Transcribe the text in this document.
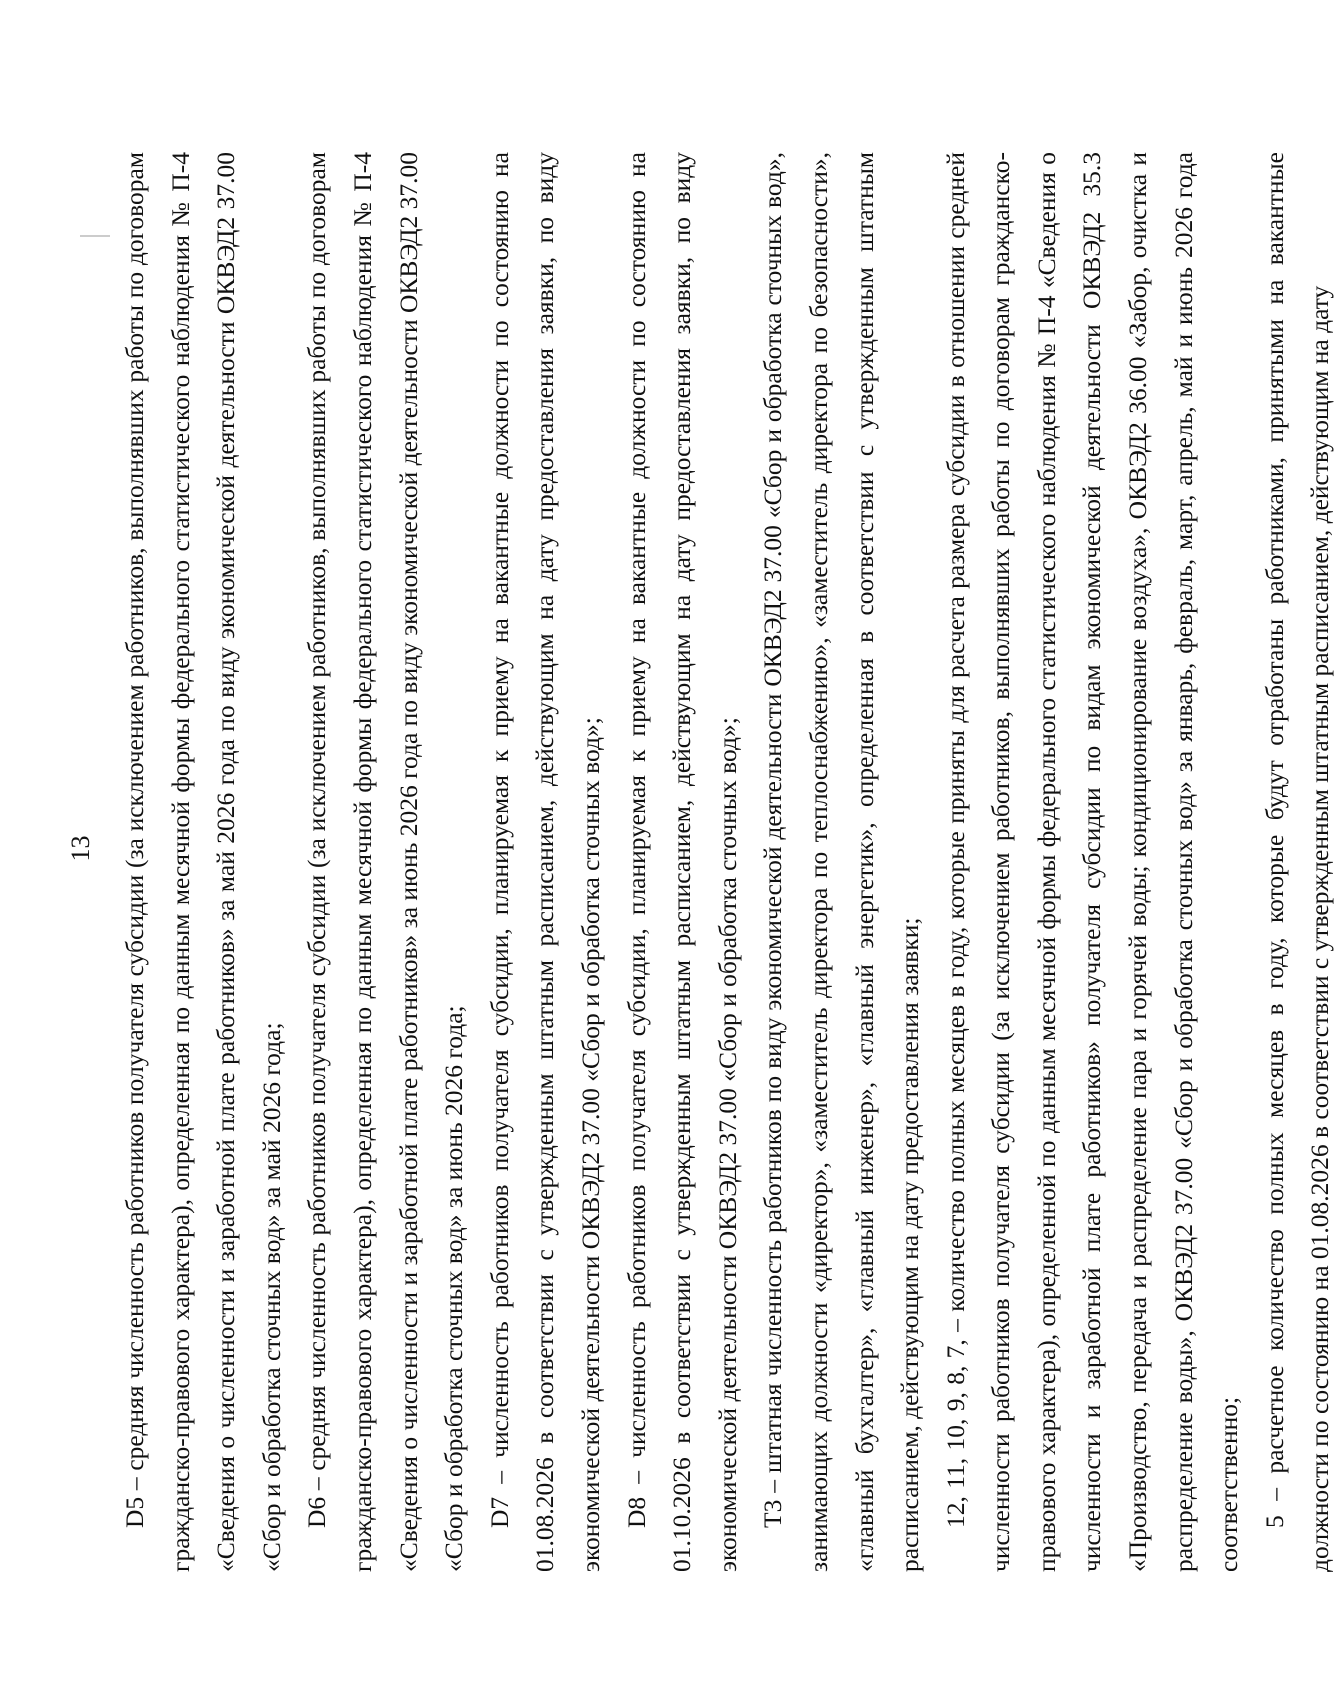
13 D5 – средняя численность работников получателя субсидии (за исключением работников, выполнявших работы по договорам гражданско-правового характера), определенная по данным месячной формы федерального статистического наблюдения № П-4 «Сведения о численности и заработной плате работников» за май 2026 года по виду экономической деятельности ОКВЭД2 37.00 «Сбор и обработка сточных вод» за май 2026 года; D6 – средняя численность работников получателя субсидии (за исключением работников, выполнявших работы по договорам гражданско-правового характера), определенная по данным месячной формы федерального статистического наблюдения № П-4 «Сведения о численности и заработной плате работников» за июнь 2026 года по виду экономической деятельности ОКВЭД2 37.00 «Сбор и обработка сточных вод» за июнь 2026 года; D7 – численность работников получателя субсидии, планируемая к приему на вакантные должности по состоянию на 01.08.2026 в соответствии с утвержденным штатным расписанием, действующим на дату предоставления заявки, по виду экономической деятельности ОКВЭД2 37.00 «Сбор и обработка сточных вод»; D8 – численность работников получателя субсидии, планируемая к приему на вакантные должности по состоянию на 01.10.2026 в соответствии с утвержденным штатным расписанием, действующим на дату предоставления заявки, по виду экономической деятельности ОКВЭД2 37.00 «Сбор и обработка сточных вод»; Т3 – штатная численность работников по виду экономической деятельности ОКВЭД2 37.00 «Сбор и обработка сточных вод», занимающих должности «директор», «заместитель директора по теплоснабжению», «заместитель директора по безопасности», «главный бухгалтер», «главный инженер», «главный энергетик», определенная в соответствии с утвержденным штатным расписанием, действующим на дату предоставления заявки; 12, 11, 10, 9, 8, 7, – количество полных месяцев в году, которые приняты для расчета размера субсидии в отношении средней численности работников получателя субсидии (за исключением работников, выполнявших работы по договорам гражданско-правового характера), определенной по данным месячной формы федерального статистического наблюдения № П-4 «Сведения о численности и заработной плате работников» получателя субсидии по видам экономической деятельности ОКВЭД2 35.3 «Производство, передача и распределение пара и горячей воды; кондиционирование воздуха», ОКВЭД2 36.00 «Забор, очистка и распределение воды», ОКВЭД2 37.00 «Сбор и обработка сточных вод» за январь, февраль, март, апрель, май и июнь 2026 года соответственно; 5 – расчетное количество полных месяцев в году, которые будут отработаны работниками, принятыми на вакантные должности по состоянию на 01.08.2026 в соответствии с утвержденным штатным расписанием, действующим на дату
